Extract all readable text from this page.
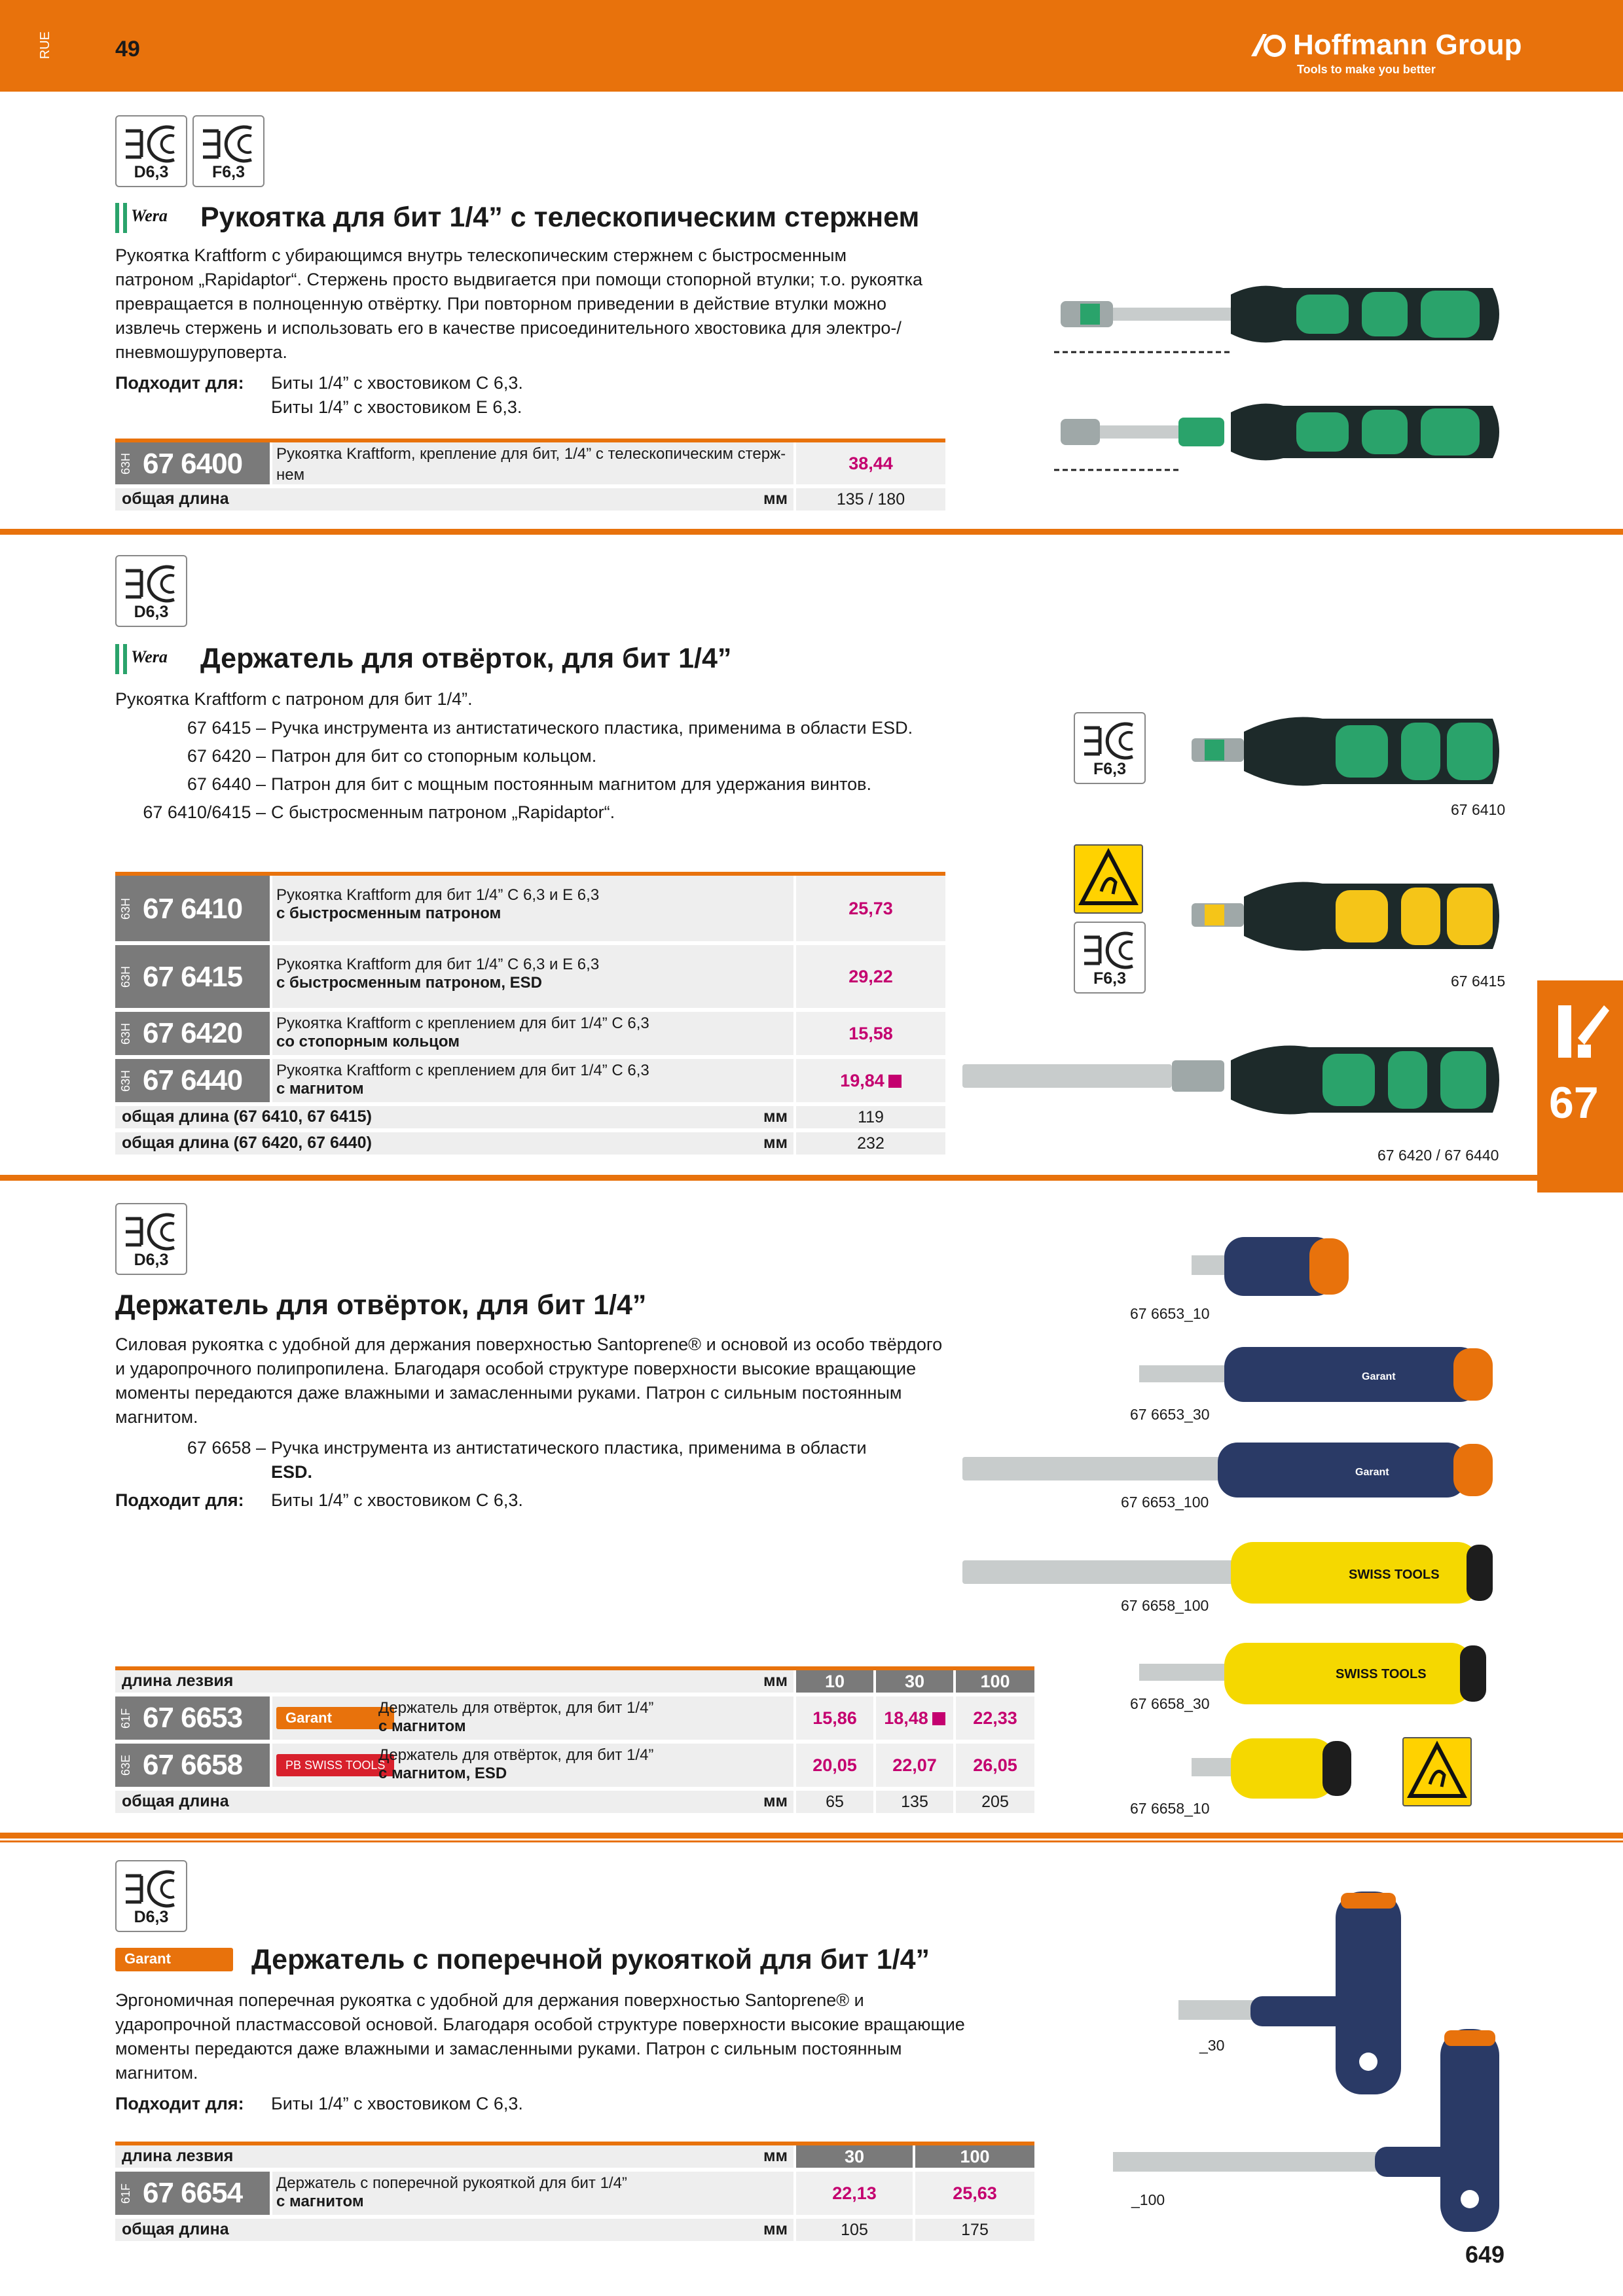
RUE	49	Hoffmann Group
Tools to make you better
D6,3	F6,3
Wera Рукоятка для бит 1/4” с телескопическим стержнем
Рукоятка Kraftform с убирающимся внутрь телескопическим стержнем с быстросменным
патроном „Rapidaptor“. Стержень просто выдвигается при помощи стопорной втулки; т.о. рукоятка
превращается в полноценную отвёртку. При повторном приведении в действие втулки можно
извлечь стержень и использовать его в качестве присоединительного хвостовика для электро-/
пневмошуруповерта.
Подходит для: Биты 1/4” с хвостовиком С 6,3.
Биты 1/4” с хвостовиком Е 6,3.
63H 67 6400 Рукоятка Kraftform, крепление для бит, 1/4” с телескопическим стерж-
нем
38,44
общая длина	мм	135 / 180
D6,3
Wera Держатель для отвёрток, для бит 1/4”
Рукоятка Kraftform с патроном для бит 1/4”.
67 6415 – Ручка инструмента из антистатического пластика, применима в области ESD.
67 6420 – Патрон для бит со стопорным кольцом.
67 6440 – Патрон для бит с мощным постоянным магнитом для удержания винтов.
67 6410/6415 – С быстросменным патроном „Rapidaptor“.
63H 67 6410 Рукоятка Kraftform для бит 1/4” С 6,3 и Е 6,3
с быстросменным патроном	25,73
63H 67 6415 Рукоятка Kraftform для бит 1/4” С 6,3 и Е 6,3
с быстросменным патроном, ESD	29,22
63H 67 6420 Рукоятка Kraftform с креплением для бит 1/4” С 6,3
со стопорным кольцом	15,58
63H 67 6440 Рукоятка Kraftform с креплением для бит 1/4” С 6,3
с магнитом	19,84
общая длина (67 6410, 67 6415)	мм	119
общая длина (67 6420, 67 6440)	мм	232
F6,3
67 6410
F6,3	67 6415
67 6420 / 67 6440
67
D6,3
Держатель для отвёрток, для бит 1/4”
Силовая рукоятка с удобной для держания поверхностью Santoprene® и основой из особо твёрдого
и ударопрочного полипропилена. Благодаря особой структуре поверхности высокие вращающие
моменты передаются даже влажными и замасленными руками. Патрон с сильным постоянным
магнитом.
67 6658 – Ручка инструмента из антистатического пластика, применима в области
ESD.
Подходит для: Биты 1/4” с хвостовиком С 6,3.
длина лезвия	мм	10	30	100
61F 67 6653	Garant
Держатель для отвёрток, для бит 1/4”
с магнитом	15,86	18,48	22,33
63E 67 6658	PB SWISS TOOLS
Держатель для отвёрток, для бит 1/4”
с магнитом, ESD	20,05	22,07	26,05
общая длина	мм	65	135	205
67 6653_10
Garant
67 6653_30
Garant
67 6653_100
SWISS TOOLS
67 6658_100
SWISS TOOLS
67 6658_30
67 6658_10
D6,3
Garant	Держатель с поперечной рукояткой для бит 1/4”
Эргономичная поперечная рукоятка с удобной для держания поверхностью Santoprene® и
ударопрочной пластмассовой основой. Благодаря особой структуре поверхности высокие вращающие
моменты передаются даже влажными и замасленными руками. Патрон с сильным постоянным
магнитом.
Подходит для: Биты 1/4” с хвостовиком С 6,3.
длина лезвия	мм	30	100
61F 67 6654 Держатель с поперечной рукояткой для бит 1/4”
с магнитом	22,13	25,63
общая длина	мм	105	175
_30
_100
649
